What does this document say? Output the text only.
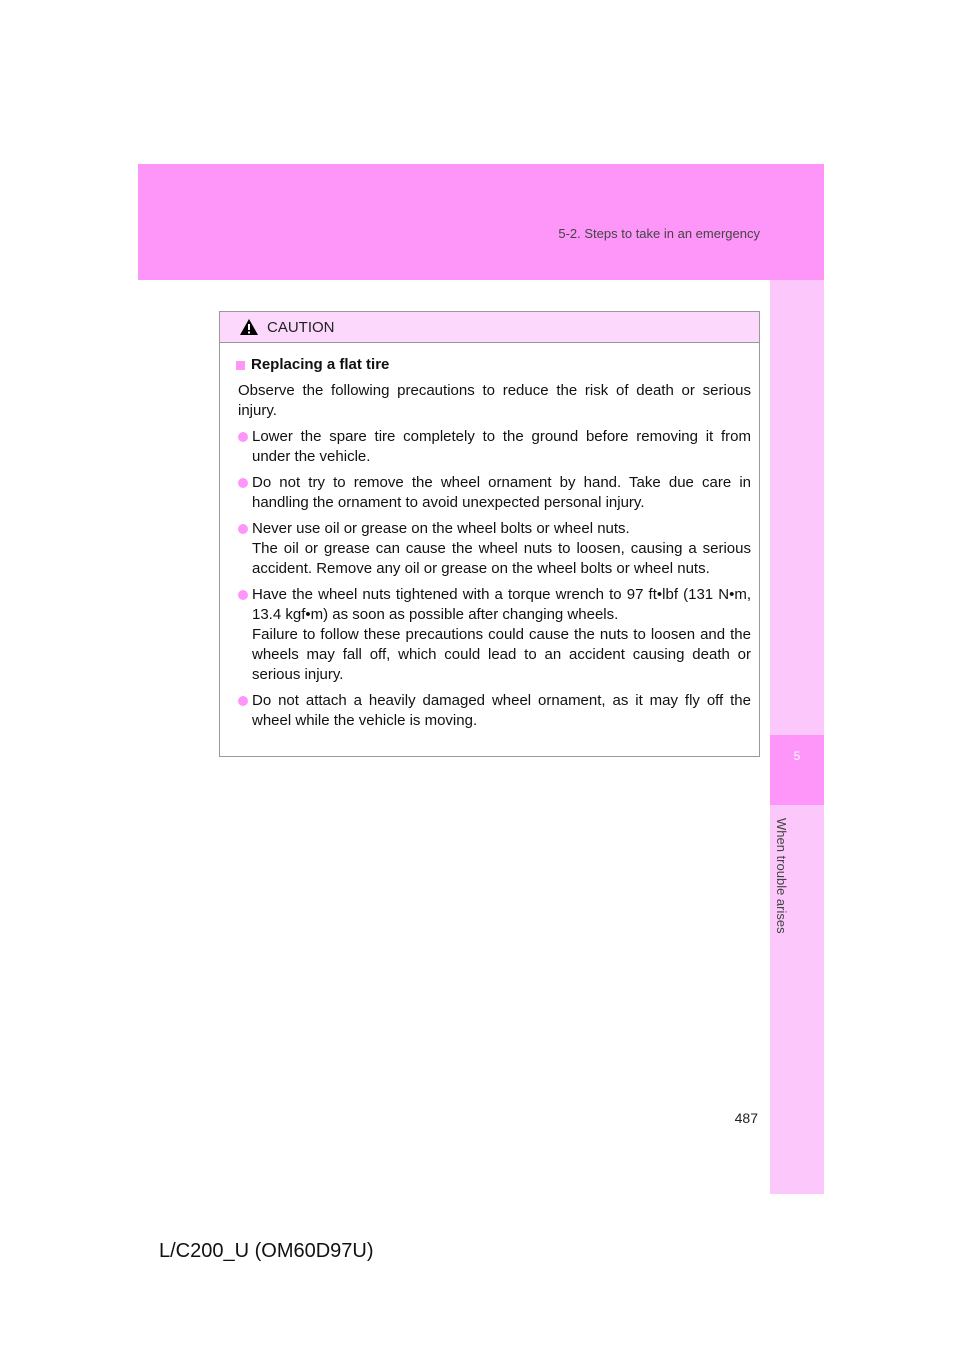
5-2. Steps to take in an emergency
5
When trouble arises
CAUTION
Replacing a flat tire
Observe the following precautions to reduce the risk of death or serious injury.
Lower the spare tire completely to the ground before removing it from under the vehicle.
Do not try to remove the wheel ornament by hand. Take due care in handling the ornament to avoid unexpected personal injury.
Never use oil or grease on the wheel bolts or wheel nuts.
The oil or grease can cause the wheel nuts to loosen, causing a serious accident. Remove any oil or grease on the wheel bolts or wheel nuts.
Have the wheel nuts tightened with a torque wrench to 97 ft•lbf (131 N•m, 13.4 kgf•m) as soon as possible after changing wheels.
Failure to follow these precautions could cause the nuts to loosen and the wheels may fall off, which could lead to an accident causing death or serious injury.
Do not attach a heavily damaged wheel ornament, as it may fly off the wheel while the vehicle is moving.
487
L/C200_U (OM60D97U)
